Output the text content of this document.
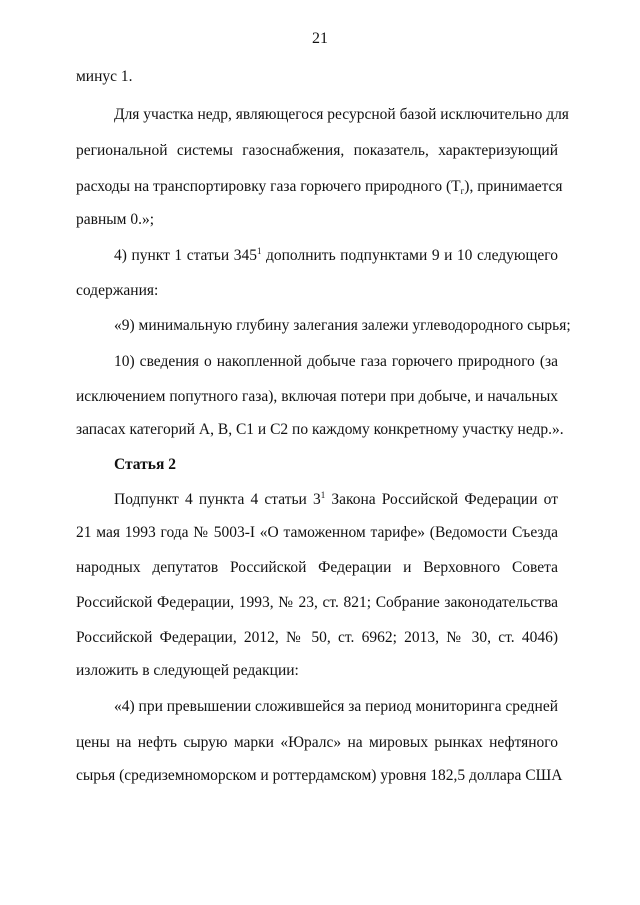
21
минус 1.
Для участка недр, являющегося ресурсной базой исключительно для
региональной системы газоснабжения, показатель, характеризующий
расходы на транспортировку газа горючего природного $(Т_г)$, принимается
равным 0.»;
4) пункт 1 статьи $345^1$ дополнить подпунктами 9 и 10 следующего
содержания:
«9) минимальную глубину залегания залежи углеводородного сырья;
10) сведения о накопленной добыче газа горючего природного (за
исключением попутного газа), включая потери при добыче, и начальных
запасах категорий А, В, С1 и С2 по каждому конкретному участку недр.».
Статья 2
Подпункт 4 пункта 4 статьи $3^1$ Закона Российской Федерации от
21 мая 1993 года № 5003-I «О таможенном тарифе» (Ведомости Съезда
народных депутатов Российской Федерации и Верховного Совета
Российской Федерации, 1993, № 23, ст. 821; Собрание законодательства
Российской Федерации, 2012, № 50, ст. 6962; 2013, № 30, ст. 4046)
изложить в следующей редакции:
«4) при превышении сложившейся за период мониторинга средней
цены на нефть сырую марки «Юралс» на мировых рынках нефтяного
сырья (средиземноморском и роттердамском) уровня 182,5 доллара США
